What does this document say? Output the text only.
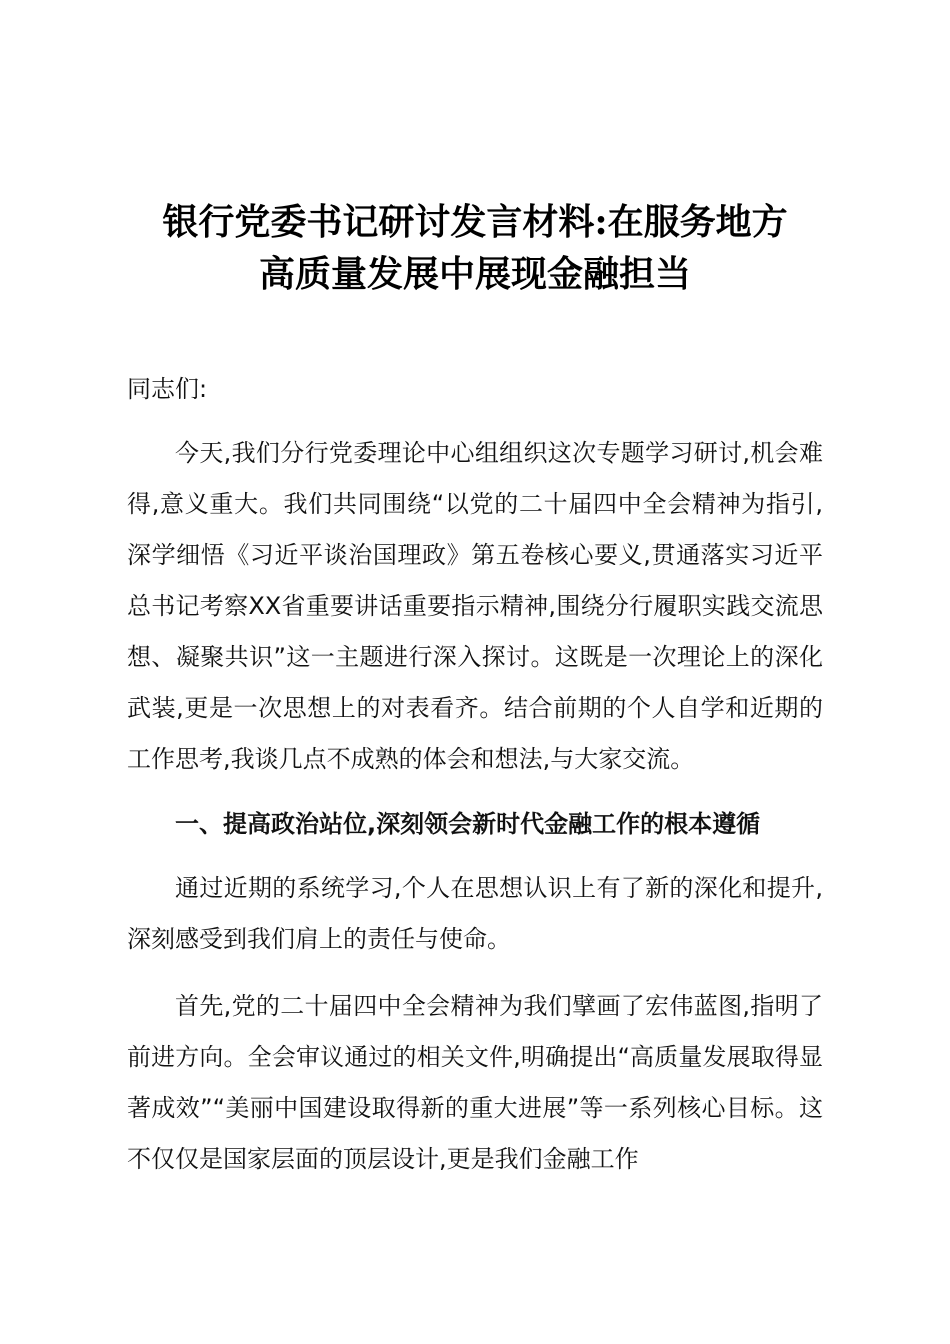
银行党委书记研讨发言材料:在服务地方
高质量发展中展现金融担当

同志们:

今天,我们分行党委理论中心组组织这次专题学习研讨,机会难得,意义重大。我们共同围绕“以党的二十届四中全会精神为指引,深学细悟《习近平谈治国理政》第五卷核心要义,贯通落实习近平总书记考察XX省重要讲话重要指示精神,围绕分行履职实践交流思想、凝聚共识”这一主题进行深入探讨。这既是一次理论上的深化武装,更是一次思想上的对表看齐。结合前期的个人自学和近期的工作思考,我谈几点不成熟的体会和想法,与大家交流。

一、提高政治站位,深刻领会新时代金融工作的根本遵循

通过近期的系统学习,个人在思想认识上有了新的深化和提升,深刻感受到我们肩上的责任与使命。

首先,党的二十届四中全会精神为我们擘画了宏伟蓝图,指明了前进方向。全会审议通过的相关文件,明确提出“高质量发展取得显著成效”“美丽中国建设取得新的重大进展”等一系列核心目标。这不仅仅是国家层面的顶层设计,更是我们金融工作
